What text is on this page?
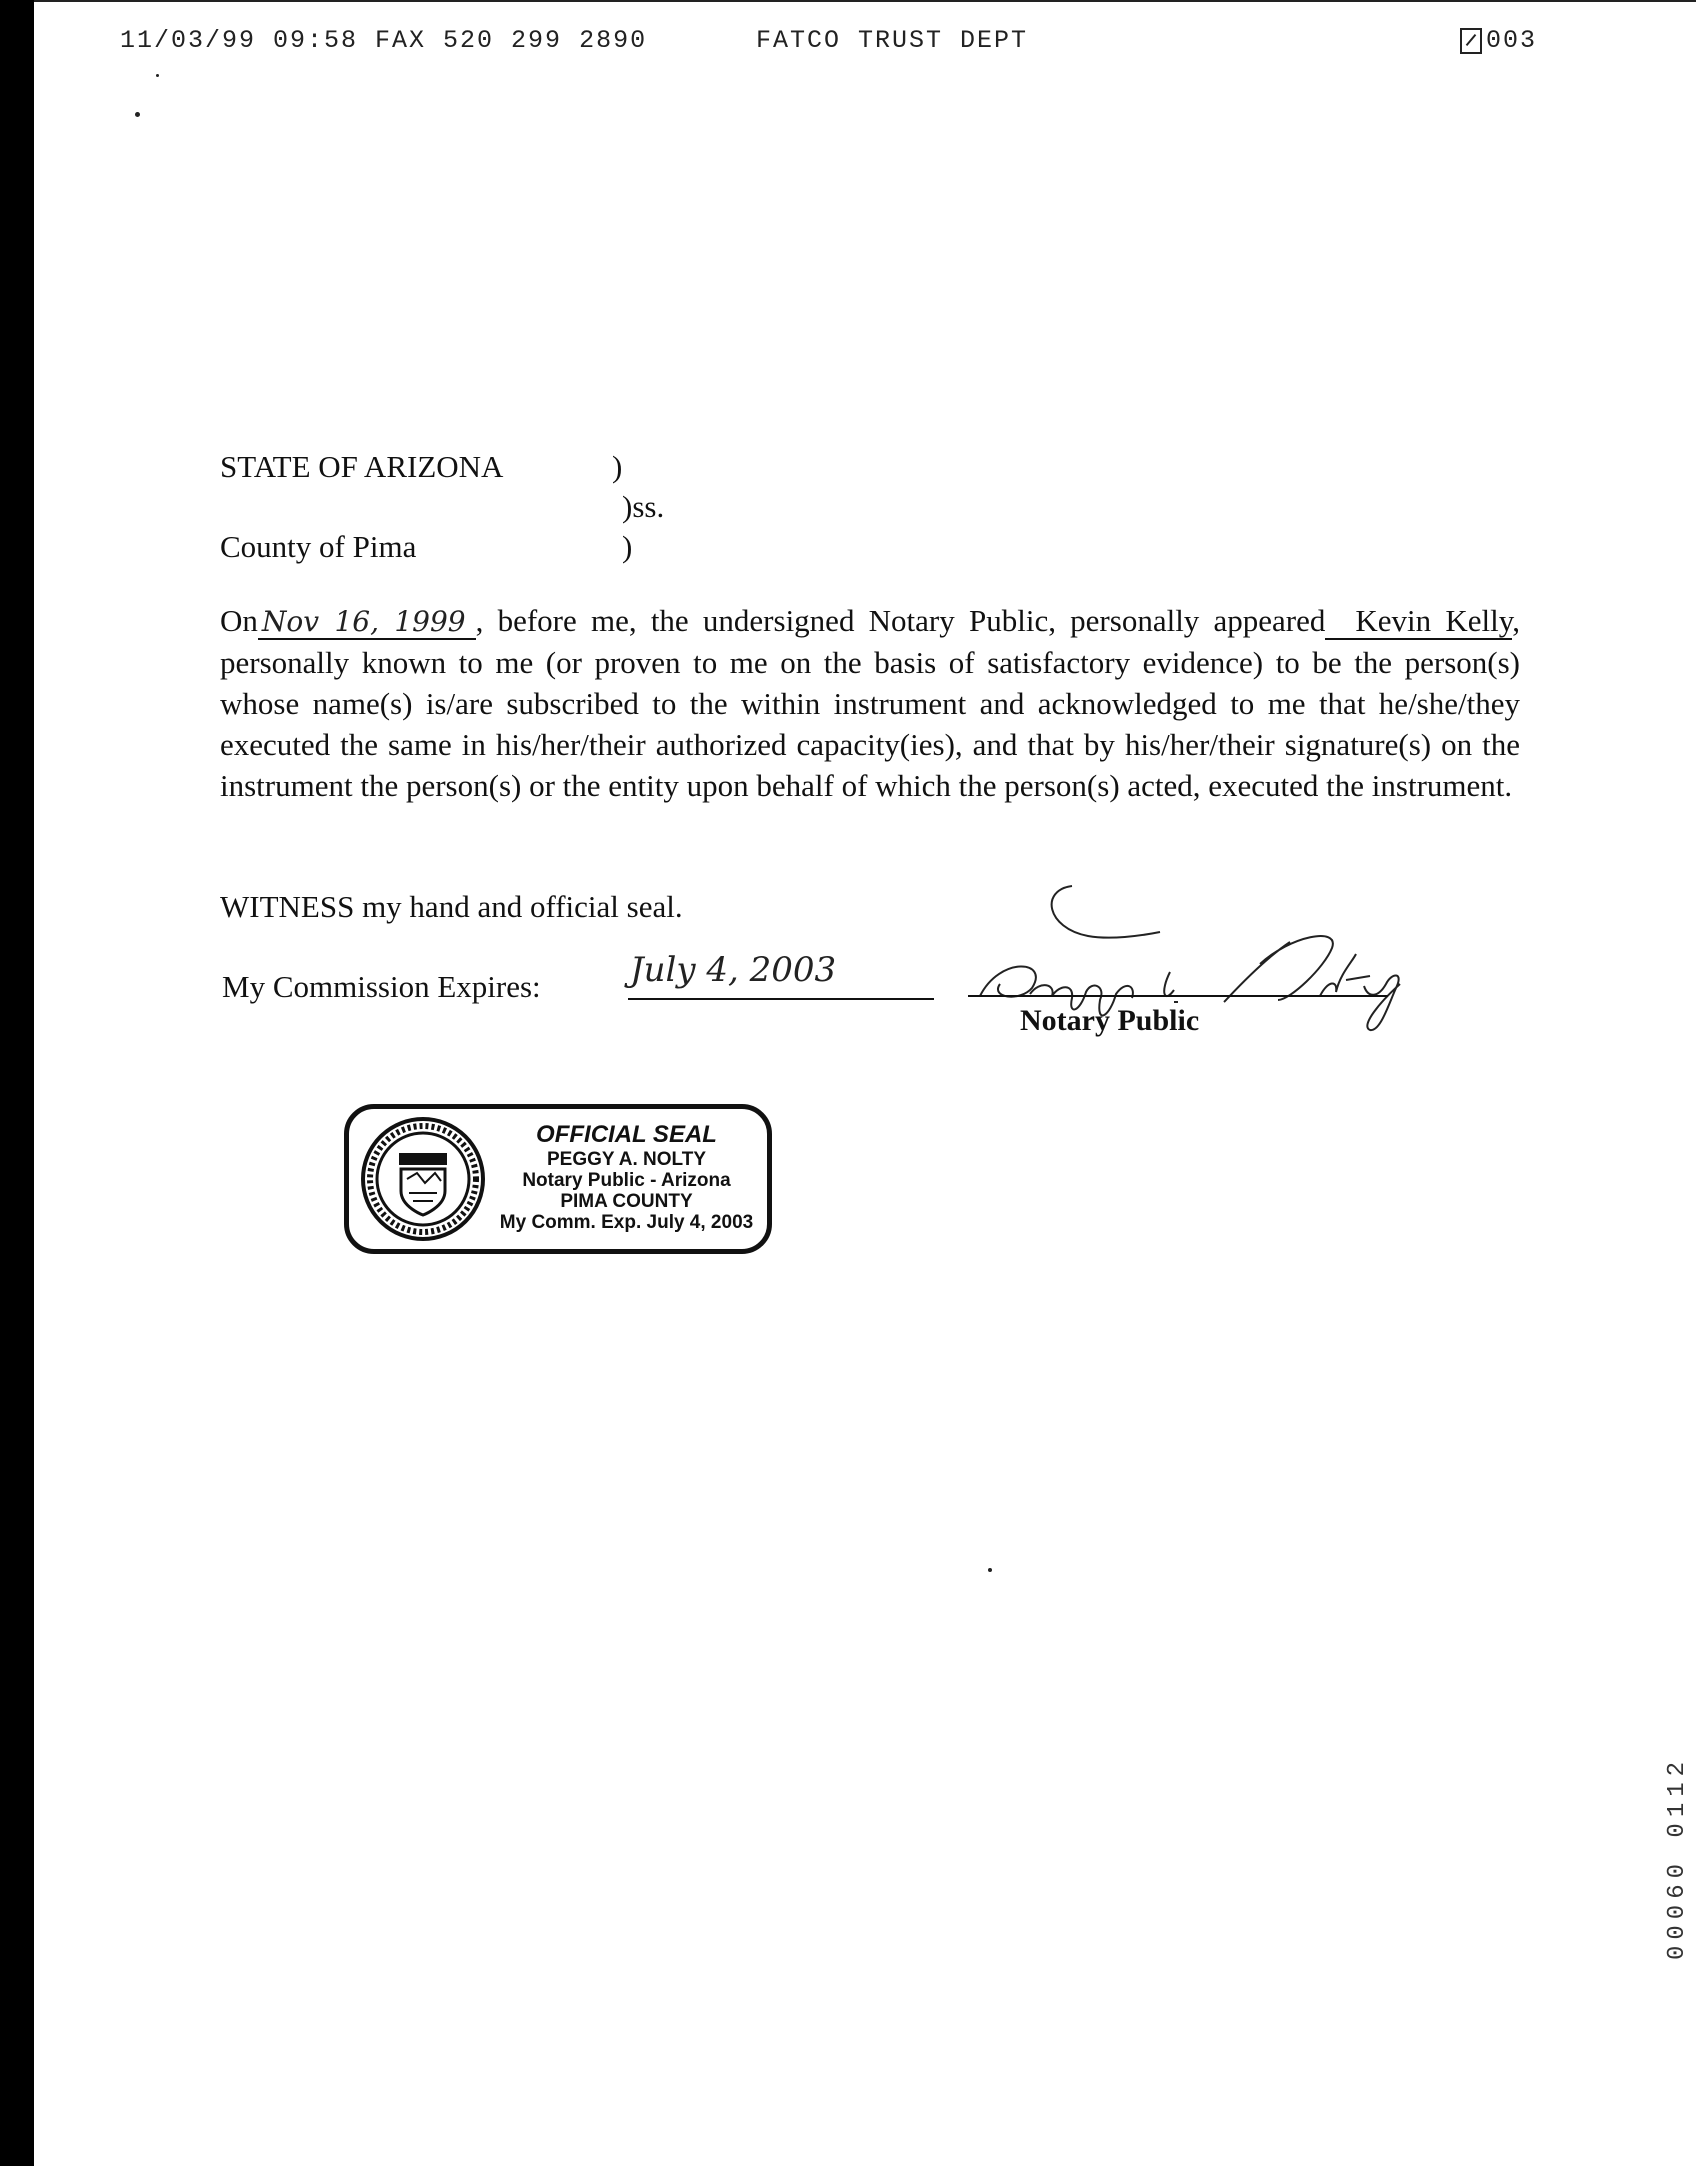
11/03/99 09:58 FAX 520 299 2890	FATCO TRUST DEPT	003
STATE OF ARIZONA	)
)ss.
County of Pima	)
On Nov 16, 1999 , before me, the undersigned Notary Public, personally appeared Kevin Kelly, personally known to me (or proven to me on the basis of satisfactory evidence) to be the person(s) whose name(s) is/are subscribed to the within instrument and acknowledged to me that he/she/they executed the same in his/her/their authorized capacity(ies), and that by his/her/their signature(s) on the instrument the person(s) or the entity upon behalf of which the person(s) acted, executed the instrument.
WITNESS my hand and official seal.
My Commission Expires:	July 4, 2003
Notary Public
OFFICIAL SEAL
PEGGY A. NOLTY
Notary Public - Arizona
PIMA COUNTY
My Comm. Exp. July 4, 2003
00060 0112
